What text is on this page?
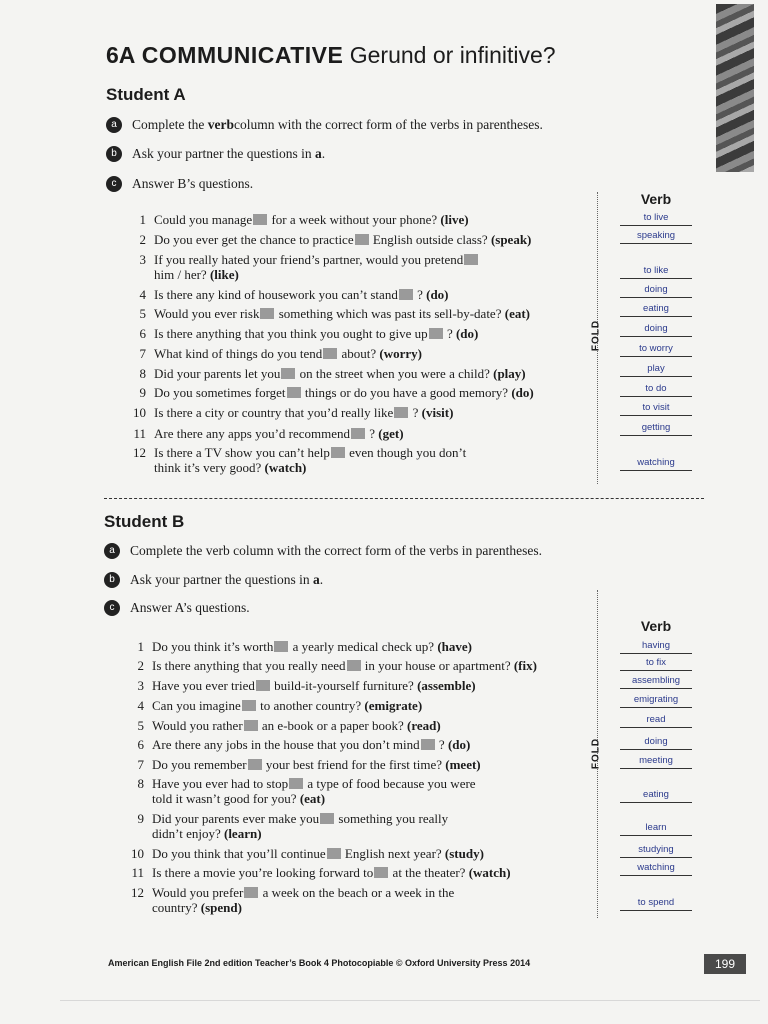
6A COMMUNICATIVE Gerund or infinitive?
Student A
a	Complete the verb column with the correct form of the verbs in parentheses.
b	Ask your partner the questions in a .
c	Answer B’s questions.
FOLD
Verb
1 Could you manage for a week without your phone? (live)	to live
2 Do you ever get the chance to practice English outside class? (speak)	speaking
3 If you really hated your friend’s partner, would you pretend
him / her? (like)	to like
4 Is there any kind of housework you can’t stand ? (do)	doing
5 Would you ever risk something which was past its sell-by-date? (eat)	eating
6 Is there anything that you think you ought to give up ? (do)	doing
7 What kind of things do you tend about? (worry)	to worry
8 Did your parents let you on the street when you were a child? (play)	play
9 Do you sometimes forget things or do you have a good memory? (do)	to do
10 Is there a city or country that you’d really like ? (visit)	to visit
11 Are there any apps you’d recommend ? (get)	getting
12 Is there a TV show you can’t help even though you don’t
think it’s very good? (watch)	watching
Student B
a	Complete the verb column with the correct form of the verbs in parentheses.
b	Ask your partner the questions in a .
c	Answer A’s questions.
FOLD
Verb
1 Do you think it’s worth a yearly medical check up? (have)	having
2 Is there anything that you really need in your house or apartment? (fix)	to fix
3 Have you ever tried build-it-yourself furniture? (assemble)	assembling
4 Can you imagine to another country? (emigrate)	emigrating
5 Would you rather an e-book or a paper book? (read)	read
6 Are there any jobs in the house that you don’t mind ? (do)	doing
7 Do you remember your best friend for the first time? (meet)	meeting
8 Have you ever had to stop a type of food because you were
told it wasn’t good for you? (eat)	eating
9 Did your parents ever make you something you really
didn’t enjoy? (learn)	learn
10 Do you think that you’ll continue English next year? (study)	studying
11 Is there a movie you’re looking forward to at the theater? (watch)	watching
12 Would you prefer a week on the beach or a week in the
country? (spend)	to spend
American English File 2nd edition Teacher’s Book 4 Photocopiable © Oxford University Press 2014	199
